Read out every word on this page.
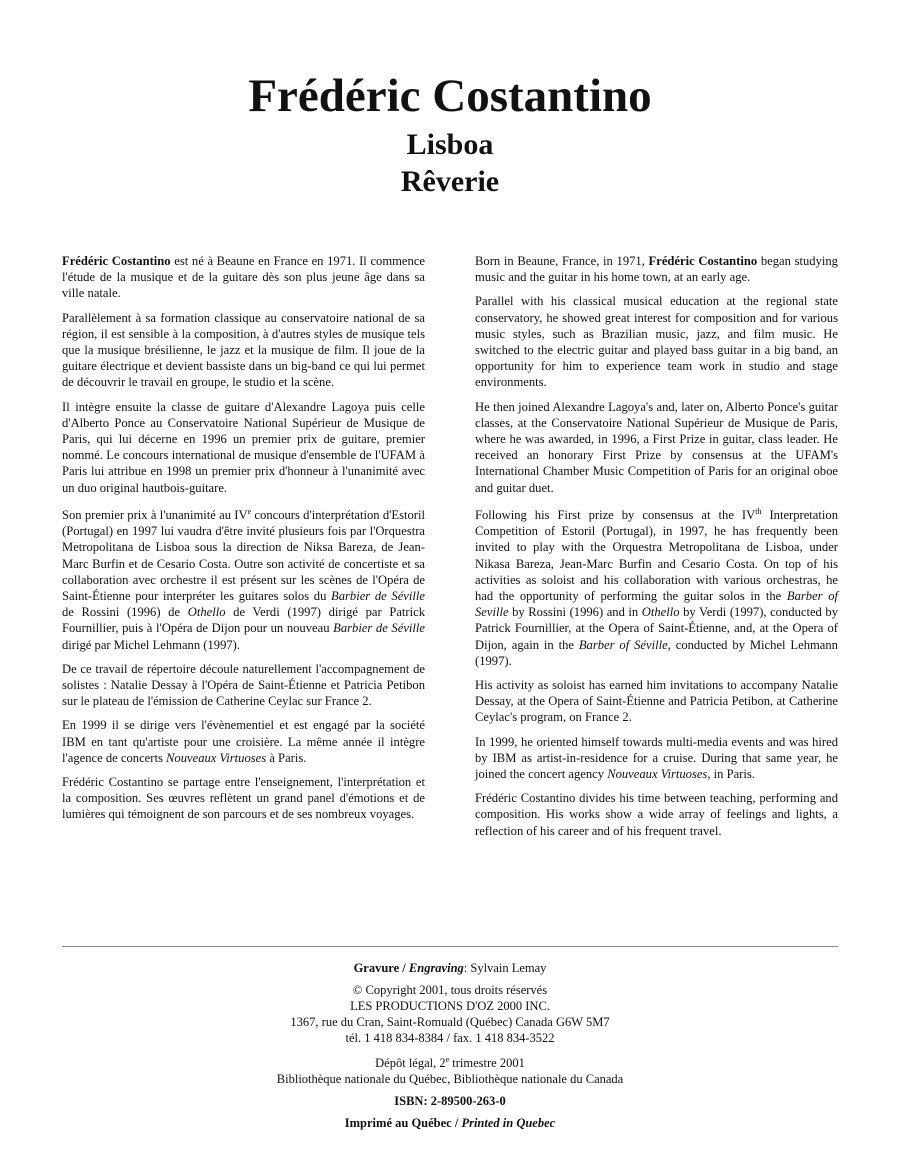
Frédéric Costantino
Lisboa
Rêverie

Frédéric Costantino est né à Beaune en France en 1971. Il commence l'étude de la musique et de la guitare dès son plus jeune âge dans sa ville natale.

Parallèlement à sa formation classique au conservatoire national de sa région, il est sensible à la composition, à d'autres styles de musique tels que la musique brésilienne, le jazz et la musique de film. Il joue de la guitare électrique et devient bassiste dans un big-band ce qui lui permet de découvrir le travail en groupe, le studio et la scène.

Il intègre ensuite la classe de guitare d'Alexandre Lagoya puis celle d'Alberto Ponce au Conservatoire National Supérieur de Musique de Paris, qui lui décerne en 1996 un premier prix de guitare, premier nommé. Le concours international de musique d'ensemble de l'UFAM à Paris lui attribue en 1998 un premier prix d'honneur à l'unanimité avec un duo original hautbois-guitare.

Son premier prix à l'unanimité au IVe concours d'interprétation d'Estoril (Portugal) en 1997 lui vaudra d'être invité plusieurs fois par l'Orquestra Metropolitana de Lisboa sous la direction de Niksa Bareza, de Jean-Marc Burfin et de Cesario Costa. Outre son activité de concertiste et sa collaboration avec orchestre il est présent sur les scènes de l'Opéra de Saint-Étienne pour interpréter les guitares solos du Barbier de Séville de Rossini (1996) de Othello de Verdi (1997) dirigé par Patrick Fournillier, puis à l'Opéra de Dijon pour un nouveau Barbier de Séville dirigé par Michel Lehmann (1997).

De ce travail de répertoire découle naturellement l'accompagnement de solistes : Natalie Dessay à l'Opéra de Saint-Étienne et Patricia Petibon sur le plateau de l'émission de Catherine Ceylac sur France 2.

En 1999 il se dirige vers l'évènementiel et est engagé par la société IBM en tant qu'artiste pour une croisière. La même année il intègre l'agence de concerts Nouveaux Virtuoses à Paris.

Frédéric Costantino se partage entre l'enseignement, l'interprétation et la composition. Ses œuvres reflètent un grand panel d'émotions et de lumières qui témoignent de son parcours et de ses nombreux voyages.

Born in Beaune, France, in 1971, Frédéric Costantino began studying music and the guitar in his home town, at an early age.

Parallel with his classical musical education at the regional state conservatory, he showed great interest for composition and for various music styles, such as Brazilian music, jazz, and film music. He switched to the electric guitar and played bass guitar in a big band, an opportunity for him to experience team work in studio and stage environments.

He then joined Alexandre Lagoya's and, later on, Alberto Ponce's guitar classes, at the Conservatoire National Supérieur de Musique de Paris, where he was awarded, in 1996, a First Prize in guitar, class leader. He received an honorary First Prize by consensus at the UFAM's International Chamber Music Competition of Paris for an original oboe and guitar duet.

Following his First prize by consensus at the IVth Interpretation Competition of Estoril (Portugal), in 1997, he has frequently been invited to play with the Orquestra Metropolitana de Lisboa, under Nikasa Bareza, Jean-Marc Burfin and Cesario Costa. On top of his activities as soloist and his collaboration with various orchestras, he had the opportunity of performing the guitar solos in the Barber of Seville by Rossini (1996) and in Othello by Verdi (1997), conducted by Patrick Fournillier, at the Opera of Saint-Étienne, and, at the Opera of Dijon, again in the Barber of Séville, conducted by Michel Lehmann (1997).

His activity as soloist has earned him invitations to accompany Natalie Dessay, at the Opera of Saint-Étienne and Patricia Petibon, at Catherine Ceylac's program, on France 2.

In 1999, he oriented himself towards multi-media events and was hired by IBM as artist-in-residence for a cruise. During that same year, he joined the concert agency Nouveaux Virtuoses, in Paris.

Frédéric Costantino divides his time between teaching, performing and composition. His works show a wide array of feelings and lights, a reflection of his career and of his frequent travel.

Gravure / Engraving: Sylvain Lemay
© Copyright 2001, tous droits réservés
LES PRODUCTIONS D'OZ 2000 INC.
1367, rue du Cran, Saint-Romuald (Québec) Canada G6W 5M7
tél. 1 418 834-8384 / fax. 1 418 834-3522
Dépôt légal, 2e trimestre 2001
Bibliothèque nationale du Québec, Bibliothèque nationale du Canada
ISBN: 2-89500-263-0
Imprimé au Québec / Printed in Quebec
